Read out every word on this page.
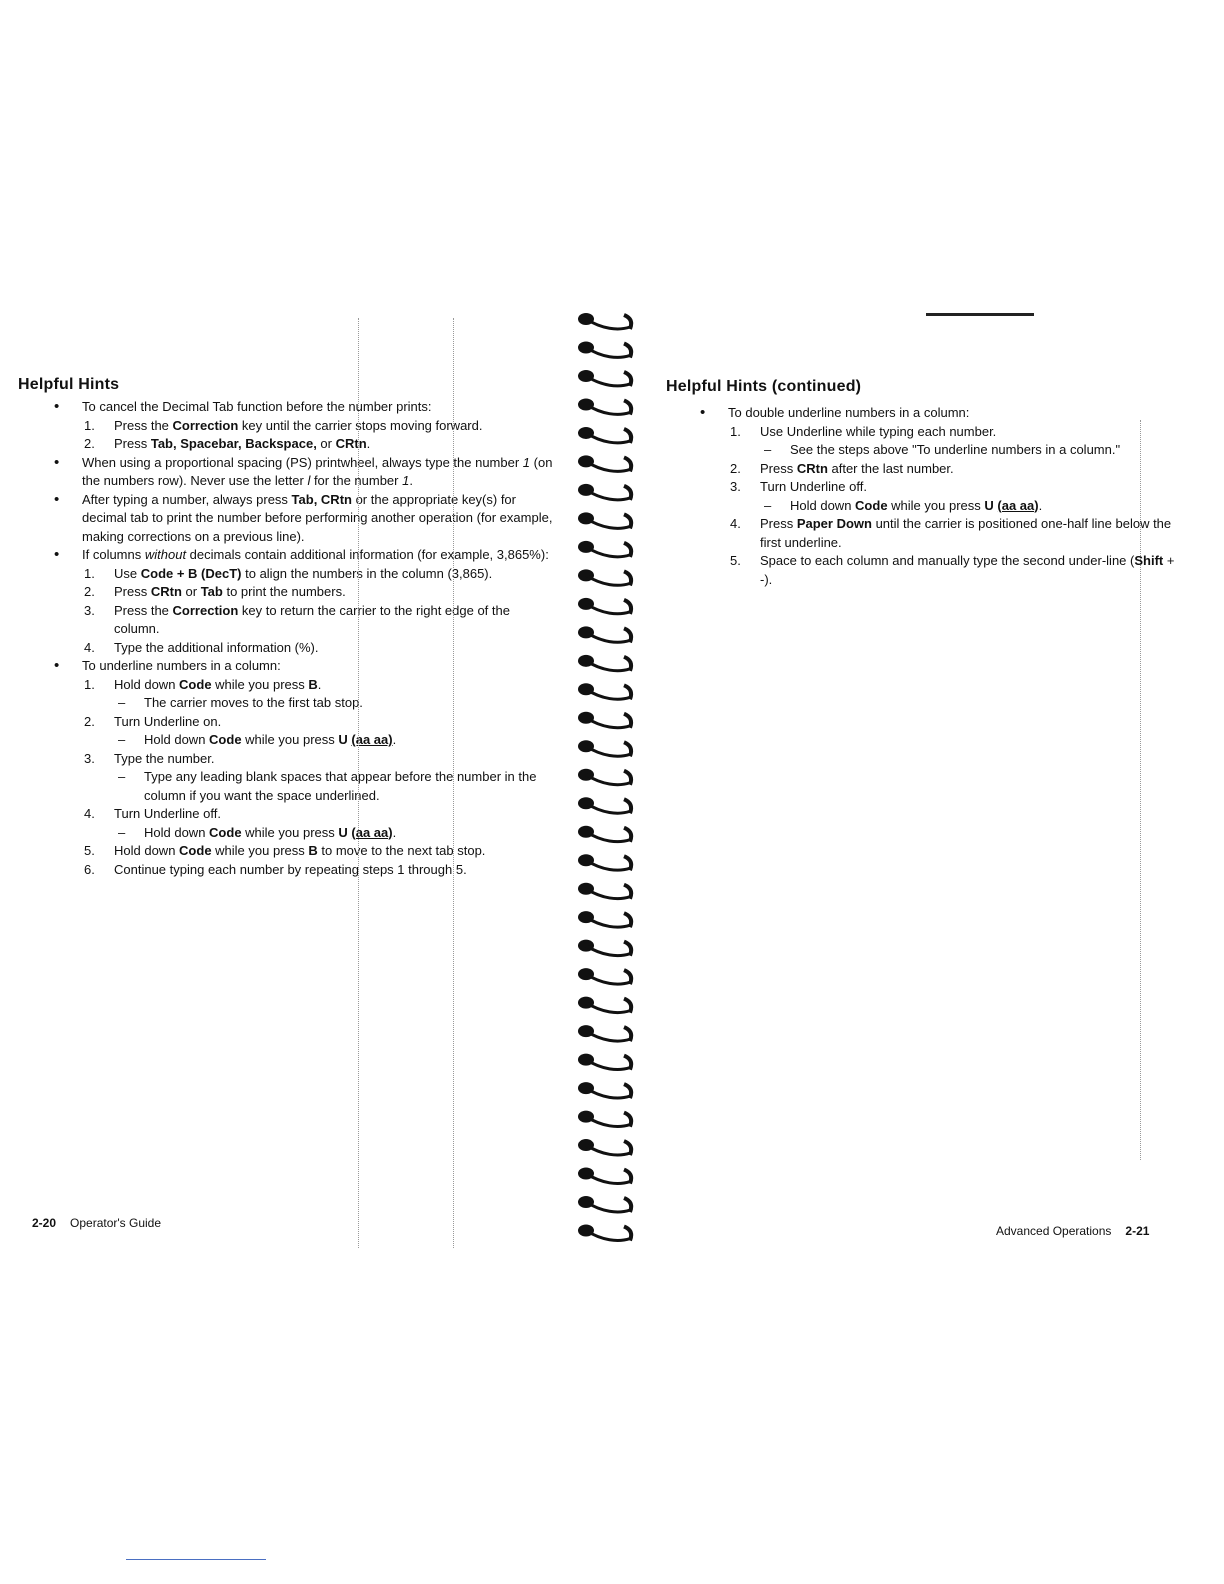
Helpful Hints
• To cancel the Decimal Tab function before the number prints:
1. Press the Correction key until the carrier stops moving forward.
2. Press Tab, Spacebar, Backspace, or CRtn.
• When using a proportional spacing (PS) printwheel, always type the number 1 (on the numbers row). Never use the letter l for the number 1.
• After typing a number, always press Tab, CRtn or the appropriate key(s) for decimal tab to print the number before performing another operation (for example, making corrections on a previous line).
• If columns without decimals contain additional information (for example, 3,865%):
1. Use Code + B (DecT) to align the numbers in the column (3,865).
2. Press CRtn or Tab to print the numbers.
3. Press the Correction key to return the carrier to the right edge of the column.
4. Type the additional information (%).
• To underline numbers in a column:
1. Hold down Code while you press B.
– The carrier moves to the first tab stop.
2. Turn Underline on.
– Hold down Code while you press U (aa aa).
3. Type the number.
– Type any leading blank spaces that appear before the number in the column if you want the space underlined.
4. Turn Underline off.
– Hold down Code while you press U (aa aa).
5. Hold down Code while you press B to move to the next tab stop.
6. Continue typing each number by repeating steps 1 through 5.
2-20 Operator's Guide
Helpful Hints (continued)
• To double underline numbers in a column:
1. Use Underline while typing each number.
– See the steps above "To underline numbers in a column."
2. Press CRtn after the last number.
3. Turn Underline off.
– Hold down Code while you press U (aa aa).
4. Press Paper Down until the carrier is positioned one-half line below the first underline.
5. Space to each column and manually type the second under-line (Shift + -).
Advanced Operations 2-21
